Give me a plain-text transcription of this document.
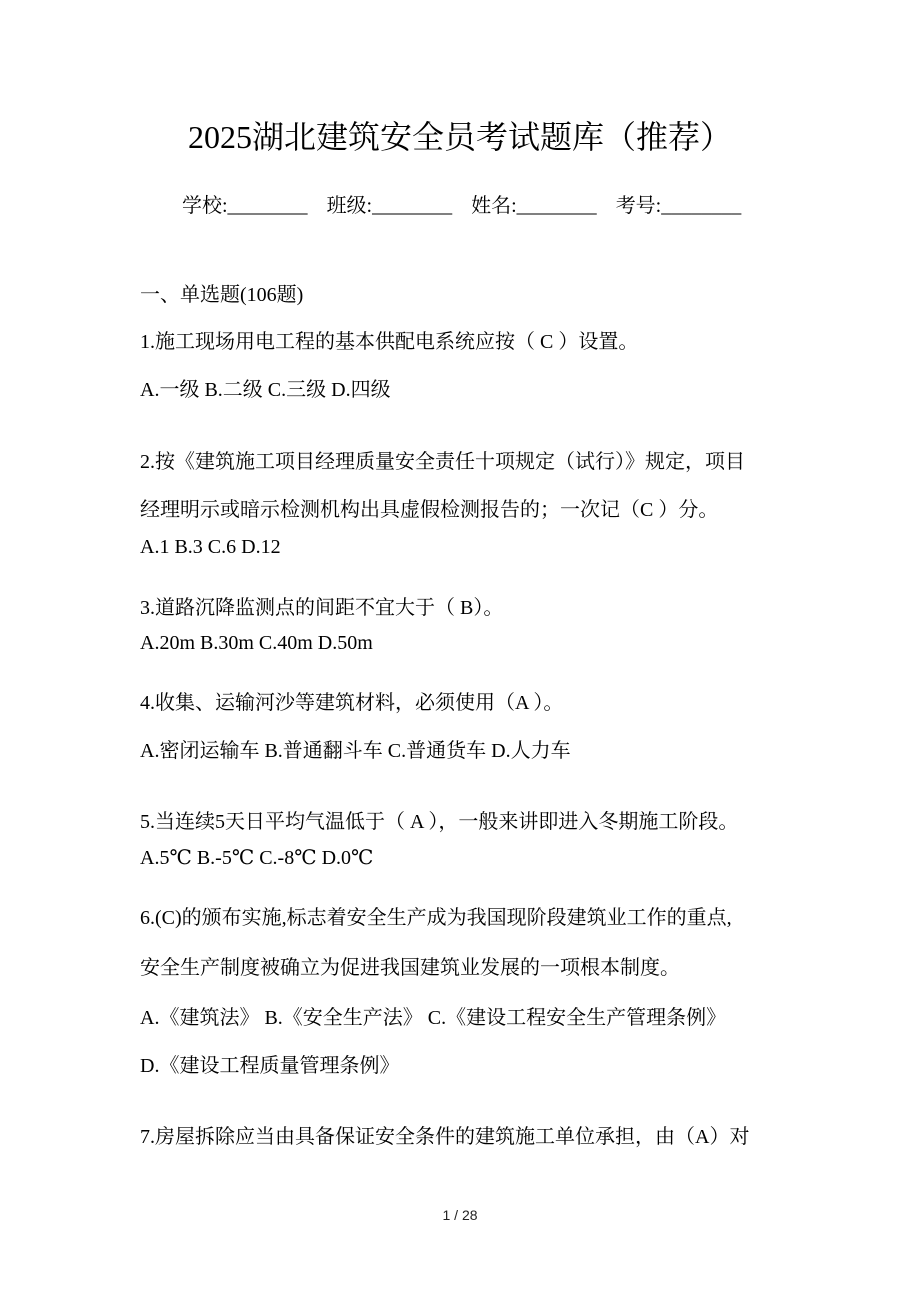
2025湖北建筑安全员考试题库（推荐）
学校:________ 班级:________ 姓名:________ 考号:________
一、单选题(106题)
1.施工现场用电工程的基本供配电系统应按（ C ）设置。
A.一级 B.二级 C.三级 D.四级
2.按《建筑施工项目经理质量安全责任十项规定（试行）》规定，项目
经理明示或暗示检测机构出具虚假检测报告的；一次记（C ）分。
A.1 B.3 C.6 D.12
3.道路沉降监测点的间距不宜大于（ B）。
A.20m B.30m C.40m D.50m
4.收集、运输河沙等建筑材料，必须使用（A ）。
A.密闭运输车 B.普通翻斗车 C.普通货车 D.人力车
5.当连续5天日平均气温低于（ A ），一般来讲即进入冬期施工阶段。
A.5℃ B.-5℃ C.-8℃ D.0℃
6.(C)的颁布实施,标志着安全生产成为我国现阶段建筑业工作的重点,
安全生产制度被确立为促进我国建筑业发展的一项根本制度。
A.《建筑法》 B.《安全生产法》 C.《建设工程安全生产管理条例》
D.《建设工程质量管理条例》
7.房屋拆除应当由具备保证安全条件的建筑施工单位承担，由（A）对
1 / 28
